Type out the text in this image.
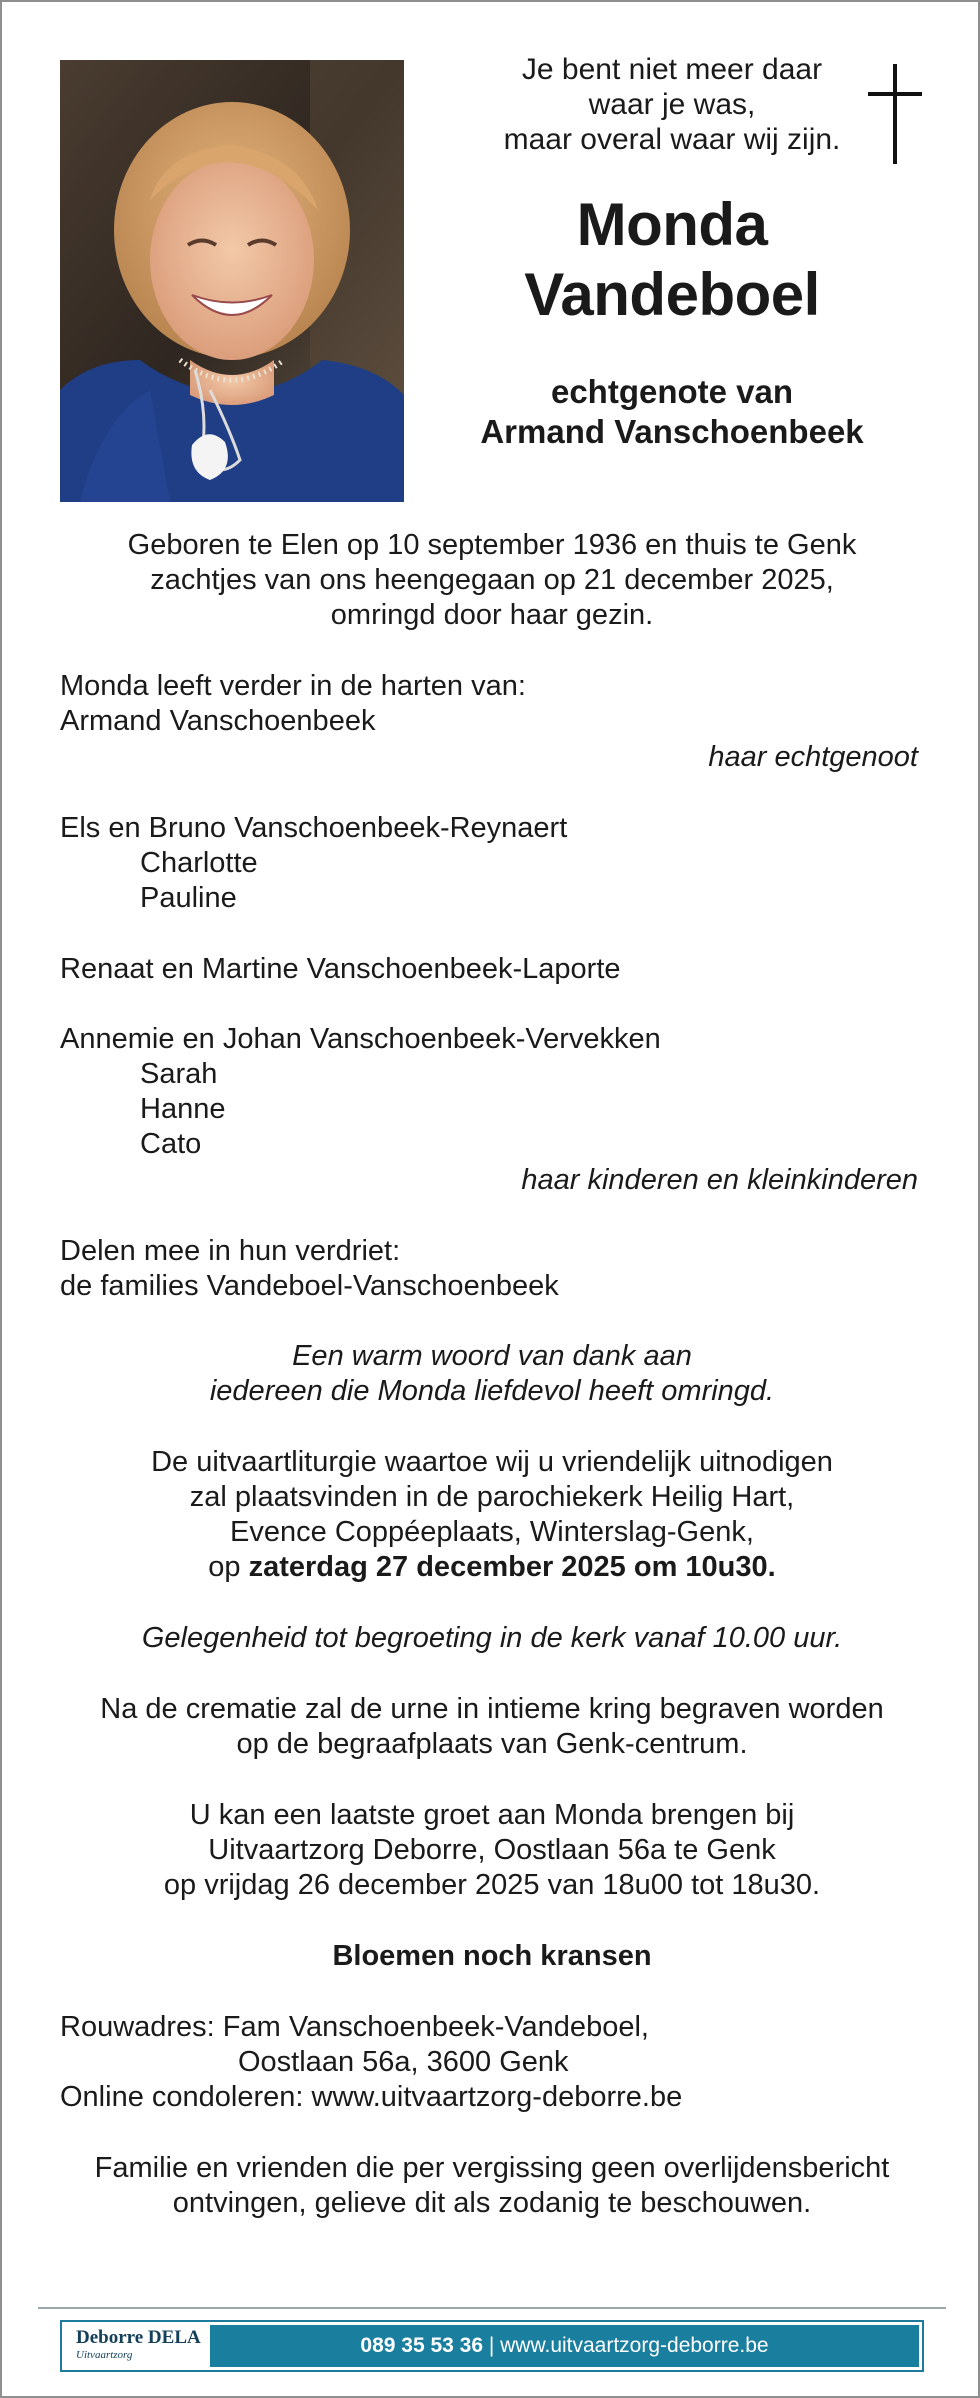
Je bent niet meer daar
waar je was,
maar overal waar wij zijn.
Monda
Vandeboel
echtgenote van
Armand Vanschoenbeek
Geboren te Elen op 10 september 1936 en thuis te Genk
zachtjes van ons heengegaan op 21 december 2025,
omringd door haar gezin.
Monda leeft verder in de harten van:
Armand Vanschoenbeek
haar echtgenoot
Els en Bruno Vanschoenbeek-Reynaert
Charlotte
Pauline
Renaat en Martine Vanschoenbeek-Laporte
Annemie en Johan Vanschoenbeek-Vervekken
Sarah
Hanne
Cato
haar kinderen en kleinkinderen
Delen mee in hun verdriet:
de families Vandeboel-Vanschoenbeek
Een warm woord van dank aan
iedereen die Monda liefdevol heeft omringd.
De uitvaartliturgie waartoe wij u vriendelijk uitnodigen
zal plaatsvinden in de parochiekerk Heilig Hart,
Evence Coppéeplaats, Winterslag-Genk,
op zaterdag 27 december 2025 om 10u30.
Gelegenheid tot begroeting in de kerk vanaf 10.00 uur.
Na de crematie zal de urne in intieme kring begraven worden
op de begraafplaats van Genk-centrum.
U kan een laatste groet aan Monda brengen bij
Uitvaartzorg Deborre, Oostlaan 56a te Genk
op vrijdag 26 december 2025 van 18u00 tot 18u30.
Bloemen noch kransen
Rouwadres: Fam Vanschoenbeek-Vandeboel,
Oostlaan 56a, 3600 Genk
Online condoleren: www.uitvaartzorg-deborre.be
Familie en vrienden die per vergissing geen overlijdensbericht
ontvingen, gelieve dit als zodanig te beschouwen.
Deborre DELA
Uitvaartzorg	089 35 53 36 | www.uitvaartzorg-deborre.be
